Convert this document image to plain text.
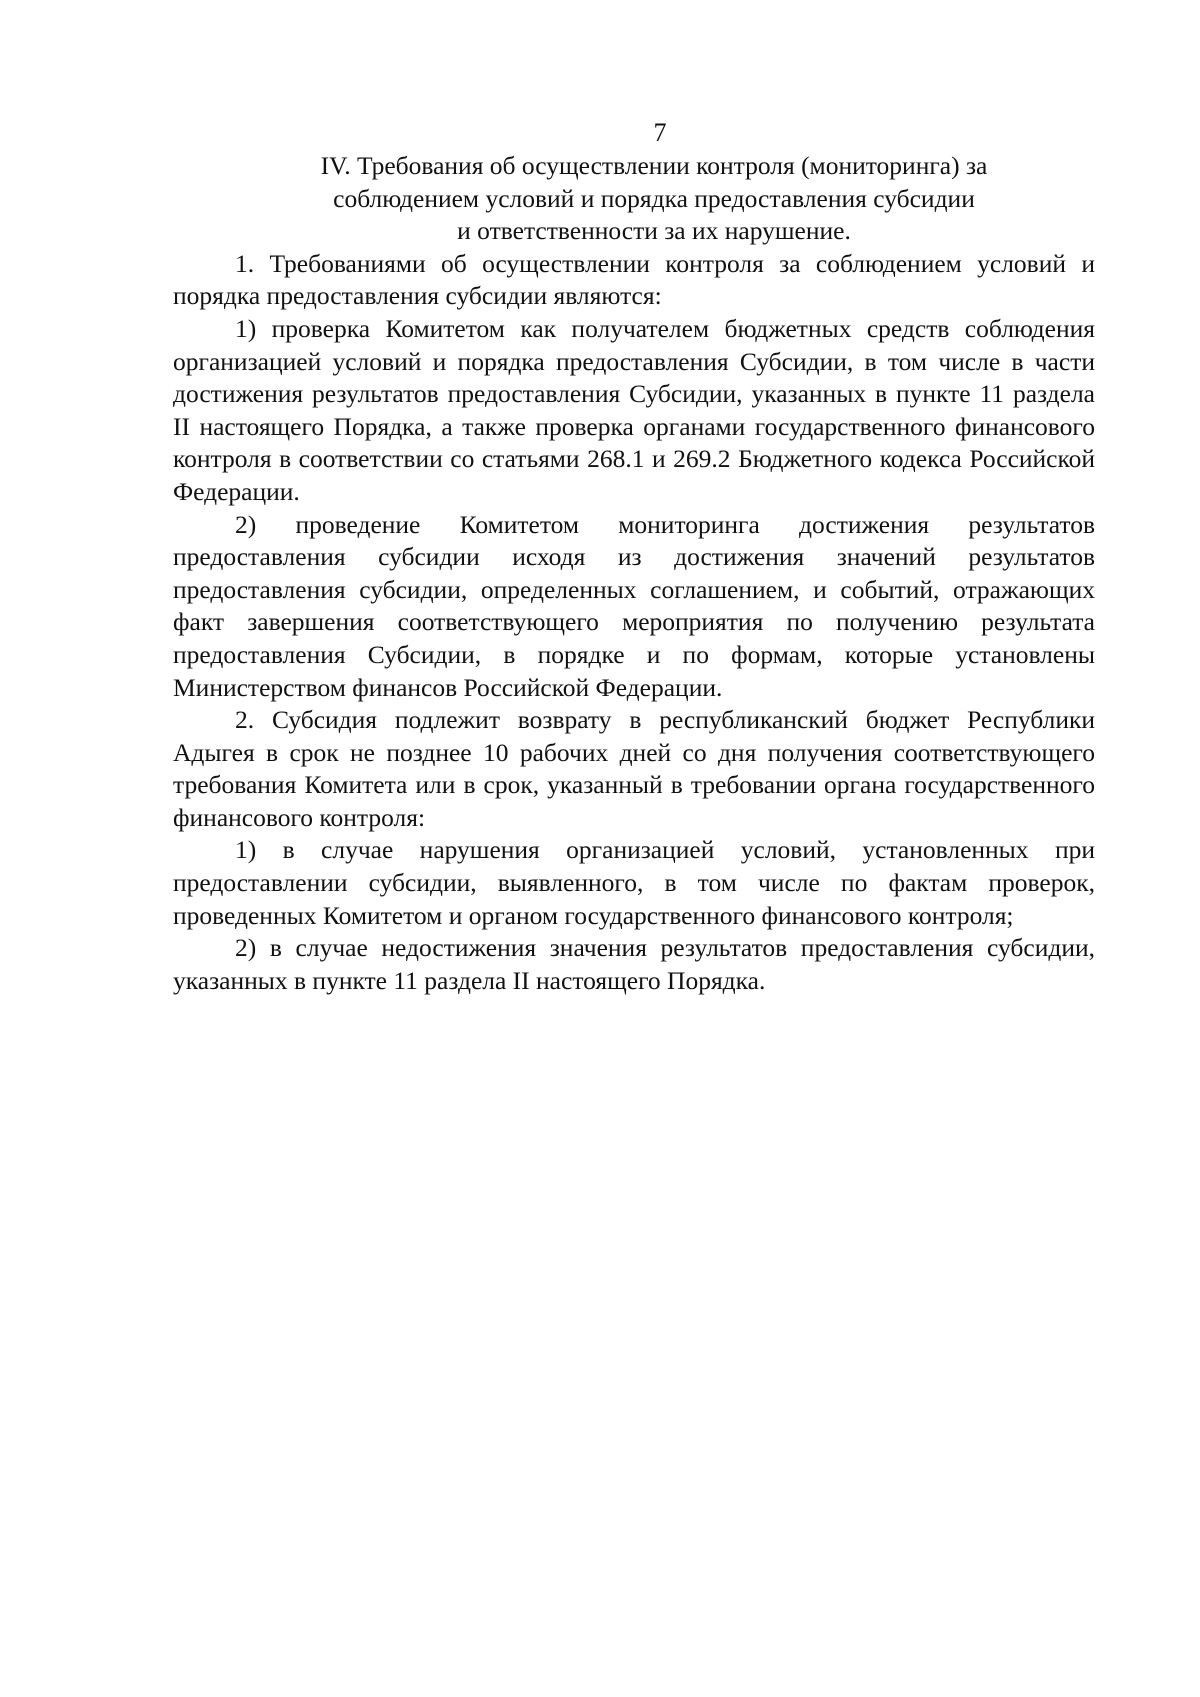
7
IV. Требования об осуществлении контроля (мониторинга) за
соблюдением условий и порядка предоставления субсидии
и ответственности за их нарушение.

1. Требованиями об осуществлении контроля за соблюдением условий и порядка предоставления субсидии являются:

1) проверка Комитетом как получателем бюджетных средств соблюдения организацией условий и порядка предоставления Субсидии, в том числе в части достижения результатов предоставления Субсидии, указанных в пункте 11 раздела II настоящего Порядка, а также проверка органами государственного финансового контроля в соответствии со статьями 268.1 и 269.2 Бюджетного кодекса Российской Федерации.

2) проведение Комитетом мониторинга достижения результатов предоставления субсидии исходя из достижения значений результатов предоставления субсидии, определенных соглашением, и событий, отражающих факт завершения соответствующего мероприятия по получению результата предоставления Субсидии, в порядке и по формам, которые установлены Министерством финансов Российской Федерации.

2. Субсидия подлежит возврату в республиканский бюджет Республики Адыгея в срок не позднее 10 рабочих дней со дня получения соответствующего требования Комитета или в срок, указанный в требовании органа государственного финансового контроля:

1) в случае нарушения организацией условий, установленных при предоставлении субсидии, выявленного, в том числе по фактам проверок, проведенных Комитетом и органом государственного финансового контроля;

2) в случае недостижения значения результатов предоставления субсидии, указанных в пункте 11 раздела II настоящего Порядка.
